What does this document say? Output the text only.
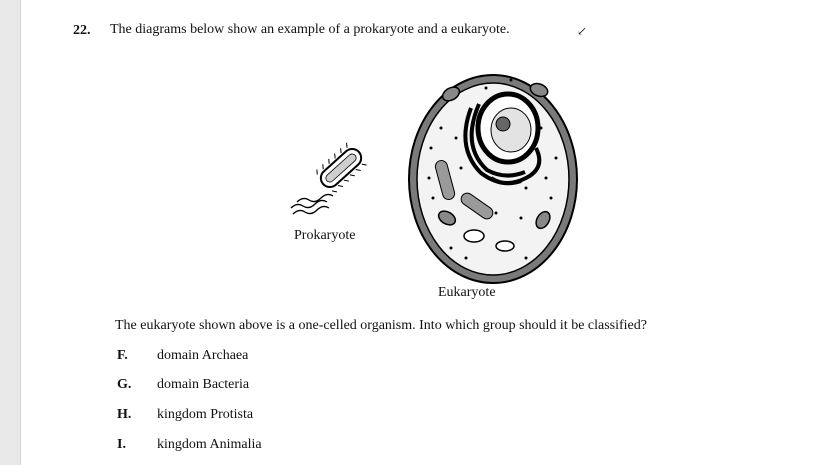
22. The diagrams below show an example of a prokaryote and a eukaryote.	↙
Prokaryote
Eukaryote
The eukaryote shown above is a one-celled organism. Into which group should it be classified?
F. domain Archaea
G. domain Bacteria
H. kingdom Protista
I. kingdom Animalia
